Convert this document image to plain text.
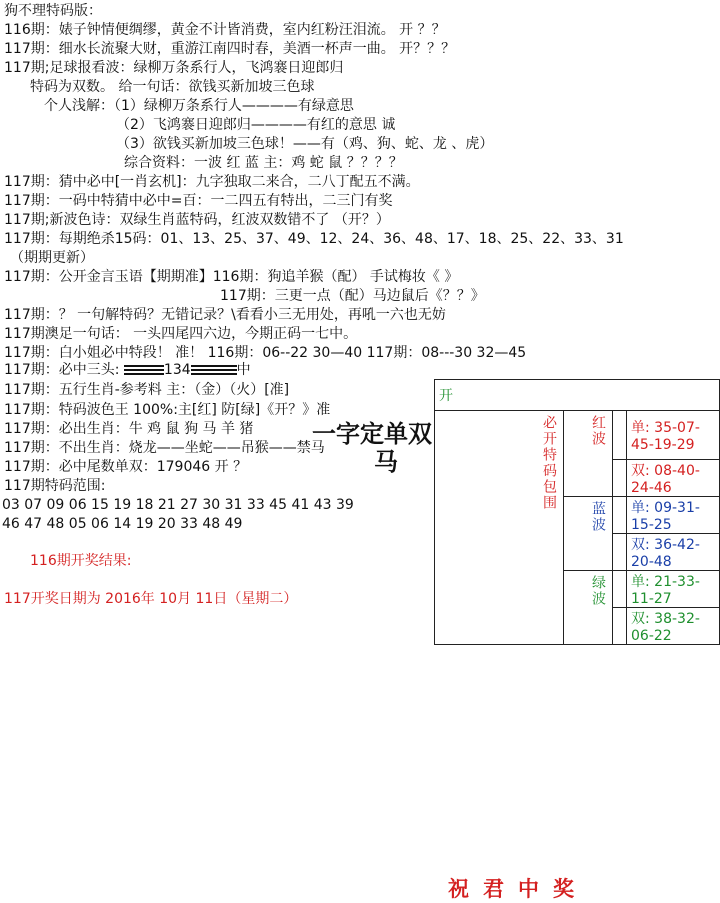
狗不理特码版：
116期：婊子钟情便绸缪，黄金不计皆消费，室内红粉汪泪流。 开 ？？
117期：细水长流聚大财，重游江南四时春，美酒一杯声一曲。 开？？？
117期;足球报看波：绿柳万条系行人，飞鸿褰日迎郎归
特码为双数。 给一句话：欲钱买新加坡三色球
个人浅解：（1）绿柳万条系行人————有绿意思
（2）飞鸿褰日迎郎归————有红的意思 诚
（3）欲钱买新加坡三色球！——有（鸡、狗、蛇、龙 、虎）
综合资料：一波 红 蓝 主：鸡 蛇 鼠 ？？？？
117期：猜中必中[一肖玄机]：九字独取二来合，二八丁配五不满。
117期：一码中特猜中必中=百：一二四五有特出，二三门有奖
117期;新波色诗：双绿生肖蓝特码，红波双数错不了 （开？）
117期：每期绝杀15码：01、13、25、37、49、12、24、36、48、17、18、25、22、33、31
（期期更新）
117期：公开金言玉语【期期准】116期：狗追羊猴（配） 手试梅妆《 》
117期：三更一点（配）马边鼠后《？？》
117期：？ 一句解特码？无错记录？\看看小三无用处，再吼一六也无妨
117期澳足一句话： 一头四尾四六边，今期正码一七中。
117期：白小姐必中特段！ 准！ 116期：06--22 30—40 117期：08---30 32—45
117期：必中三头:	134	中
117期：五行生肖-参考料 主：（金）（火）[准]
117期：特码波色王 100%:主[红] 防[绿]《开？》准
117期：必出生肖：牛 鸡 鼠 狗 马 羊 猪
117期：不出生肖：烧龙——坐蛇——吊猴——禁马
117期：必中尾数单双：179046 开 ？
117期特码范围:
03 07 09 06 15 19 18 21 27 30 31 33 45 41 43 39
46 47 48 05 06 14 19 20 33 48 49
一字定单双
马
116期开奖结果:
117开奖日期为 2016年 10月 11日（星期二）
开			
必开特码包围	红波		单: 35-07-45-19-29
			双: 08-40-24-46
	蓝波		单: 09-31-15-25
			双: 36-42-20-48
	绿波		单: 21-33-11-27
			双: 38-32-06-22
祝君中奖
